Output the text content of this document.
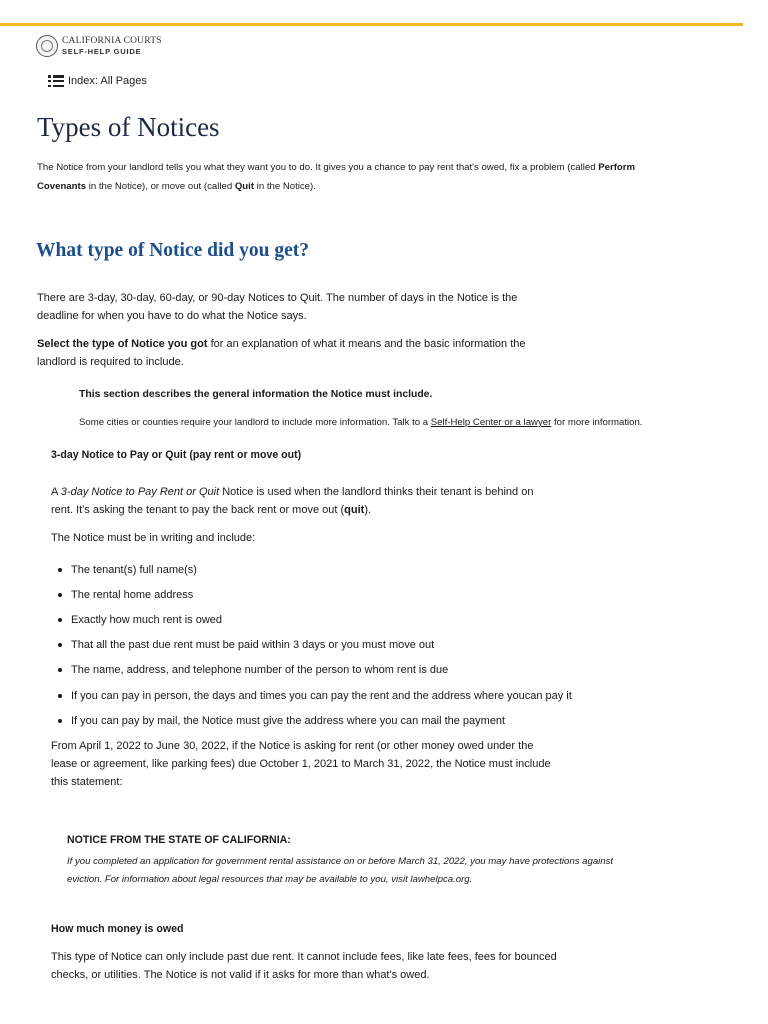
CALIFORNIA COURTS
SELF-HELP GUIDE
Index: All Pages
Types of Notices
The Notice from your landlord tells you what they want you to do. It gives you a chance to pay rent that's owed, fix a problem (called Perform
Covenants in the Notice), or move out (called Quit in the Notice).
What type of Notice did you get?
There are 3-day, 30-day, 60-day, or 90-day Notices to Quit. The number of days in the Notice is the
deadline for when you have to do what the Notice says.
Select the type of Notice you got for an explanation of what it means and the basic information the
landlord is required to include.
This section describes the general information the Notice must include.
Some cities or counties require your landlord to include more information. Talk to a Self-Help Center or a lawyer for more information.
3-day Notice to Pay or Quit (pay rent or move out)
A 3-day Notice to Pay Rent or Quit Notice is used when the landlord thinks their tenant is behind on
rent. It's asking the tenant to pay the back rent or move out (quit).
The Notice must be in writing and include:
The tenant(s) full name(s)
The rental home address
Exactly how much rent is owed
That all the past due rent must be paid within 3 days or you must move out
The name, address, and telephone number of the person to whom rent is due
If you can pay in person, the days and times you can pay the rent and the address where youcan pay it
If you can pay by mail, the Notice must give the address where you can mail the payment
From April 1, 2022 to June 30, 2022, if the Notice is asking for rent (or other money owed under the
lease or agreement, like parking fees) due October 1, 2021 to March 31, 2022, the Notice must include
this statement:
NOTICE FROM THE STATE OF CALIFORNIA:
If you completed an application for government rental assistance on or before March 31, 2022, you may have protections against
eviction. For information about legal resources that may be available to you, visit lawhelpca.org.
How much money is owed
This type of Notice can only include past due rent. It cannot include fees, like late fees, fees for bounced
checks, or utilities. The Notice is not valid if it asks for more than what's owed.
